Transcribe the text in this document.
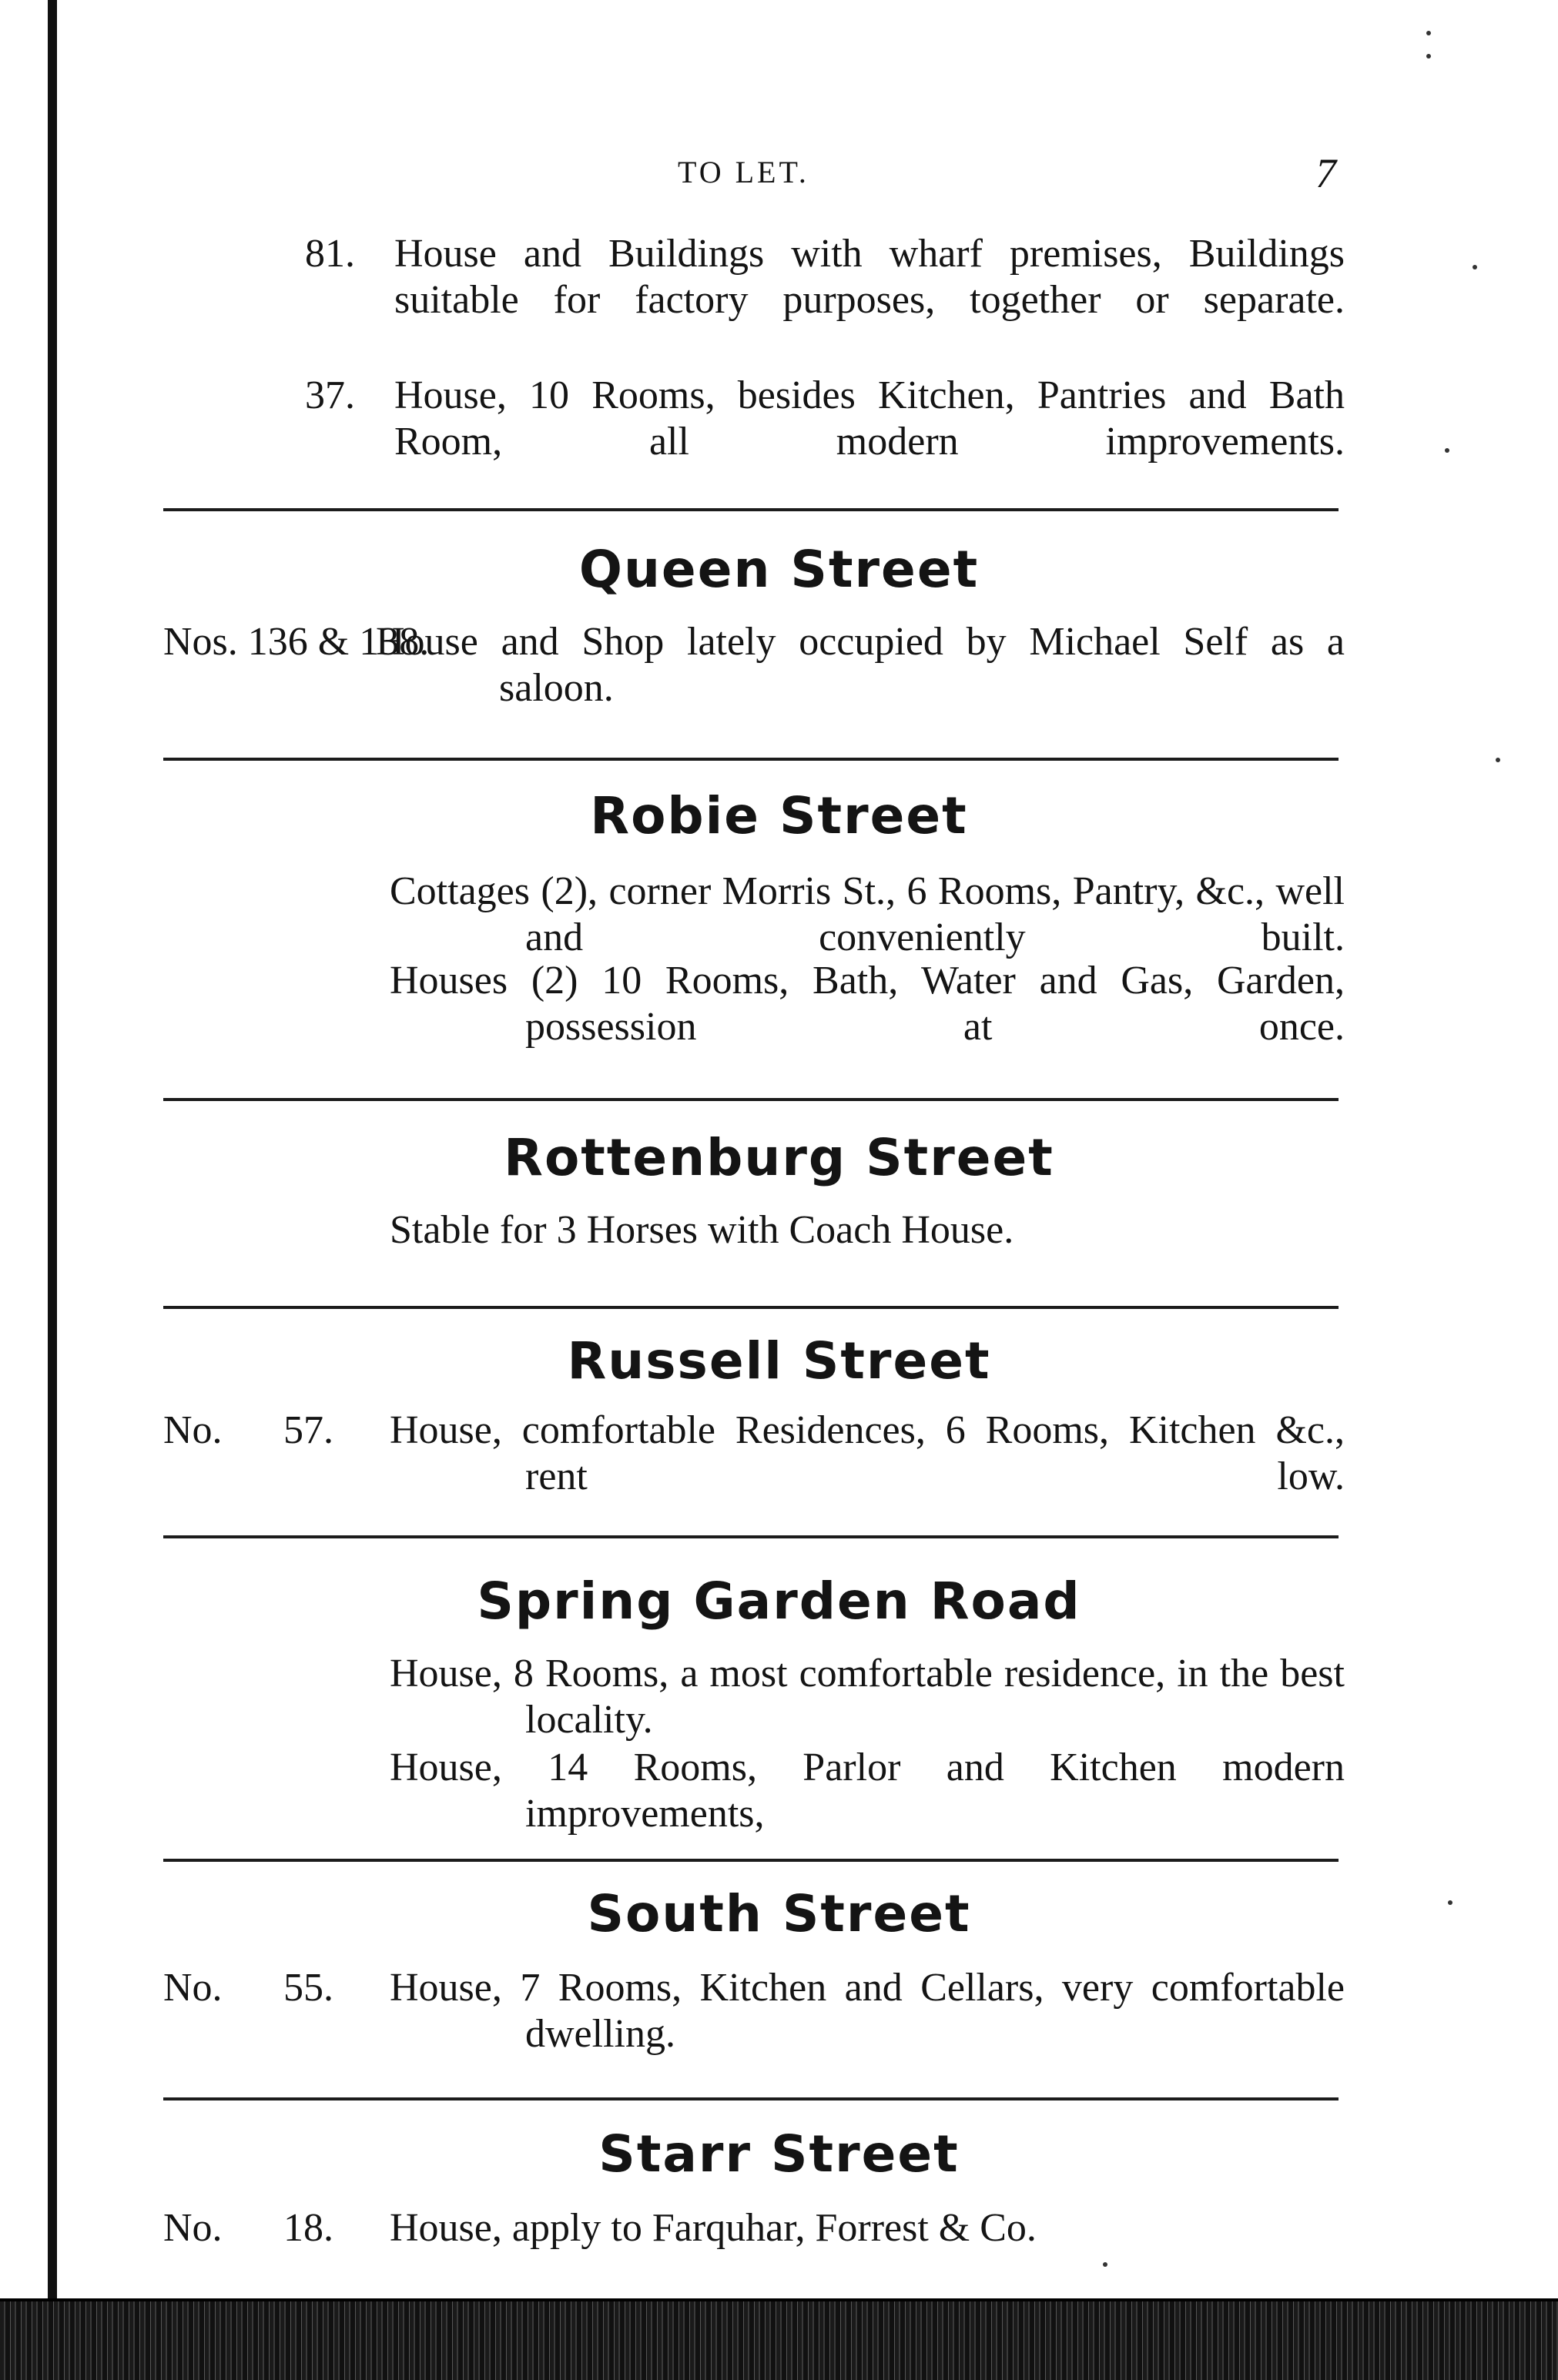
TO LET.	7
81. House and Buildings with wharf premises, Buildings suitable for factory purposes, together or separate.
37. House, 10 Rooms, besides Kitchen, Pantries and Bath Room, all modern improvements.
Queen Street
Nos. 136 & 138.
House and Shop lately occupied by Michael Self as a saloon.
Robie Street
Cottages (2), corner Morris St., 6 Rooms, Pantry, &c., well and conveniently built.
Houses (2) 10 Rooms, Bath, Water and Gas, Garden, possession at once.
Rottenburg Street
Stable for 3 Horses with Coach House.
Russell Street
No. 57. House, comfortable Residences, 6 Rooms, Kitchen &c., rent low.
Spring Garden Road
House, 8 Rooms, a most comfortable residence, in the best locality.
House, 14 Rooms, Parlor and Kitchen modern improvements,
South Street
No. 55. House, 7 Rooms, Kitchen and Cellars, very comfortable dwelling.
Starr Street
No. 18. House, apply to Farquhar, Forrest & Co.
